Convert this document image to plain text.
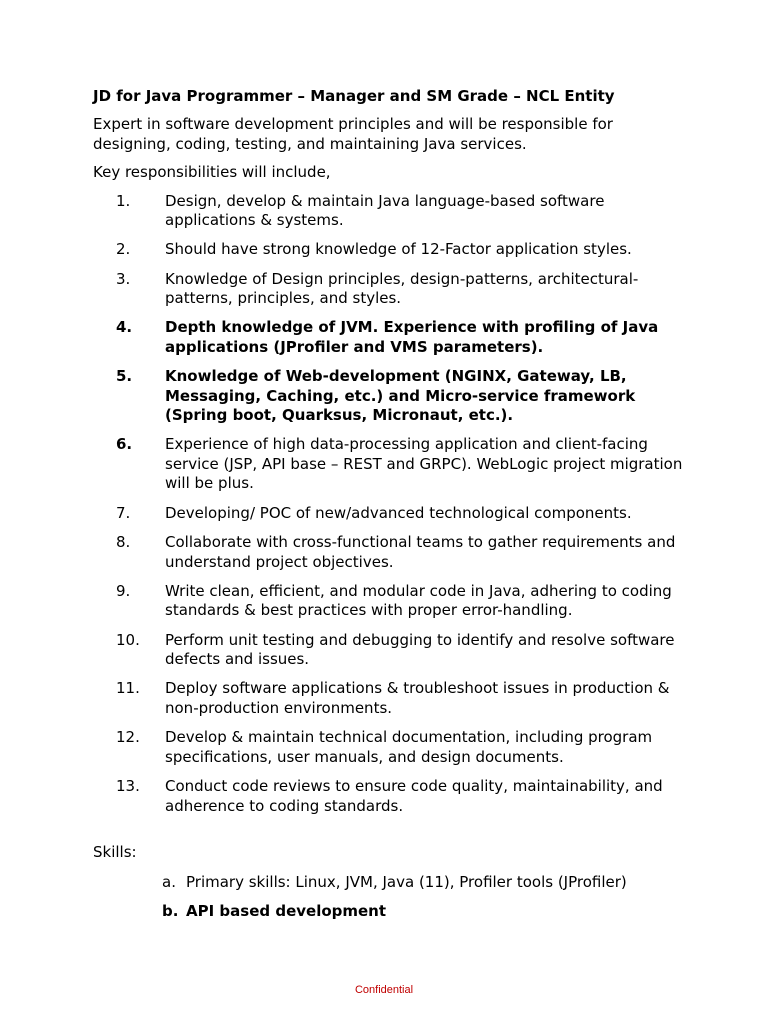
JD for Java Programmer – Manager and SM Grade – NCL Entity
Expert in software development principles and will be responsible for designing, coding, testing, and maintaining Java services.
Key responsibilities will include,
1.	Design, develop & maintain Java language-based software applications & systems.
2.	Should have strong knowledge of 12-Factor application styles.
3.	Knowledge of Design principles, design-patterns, architectural-patterns, principles, and styles.
4.	Depth knowledge of JVM. Experience with profiling of Java applications (JProfiler and VMS parameters).
5.	Knowledge of Web-development (NGINX, Gateway, LB, Messaging, Caching, etc.) and Micro-service framework (Spring boot, Quarksus, Micronaut, etc.).
6.	Experience of high data-processing application and client-facing service (JSP, API base – REST and GRPC). WebLogic project migration will be plus.
7.	Developing/ POC of new/advanced technological components.
8.	Collaborate with cross-functional teams to gather requirements and understand project objectives.
9.	Write clean, efficient, and modular code in Java, adhering to coding standards & best practices with proper error-handling.
10.	Perform unit testing and debugging to identify and resolve software defects and issues.
11.	Deploy software applications & troubleshoot issues in production & non-production environments.
12.	Develop & maintain technical documentation, including program specifications, user manuals, and design documents.
13.	Conduct code reviews to ensure code quality, maintainability, and adherence to coding standards.
Skills:
a. Primary skills: Linux, JVM, Java (11), Profiler tools (JProfiler)
b. API based development
Confidential
